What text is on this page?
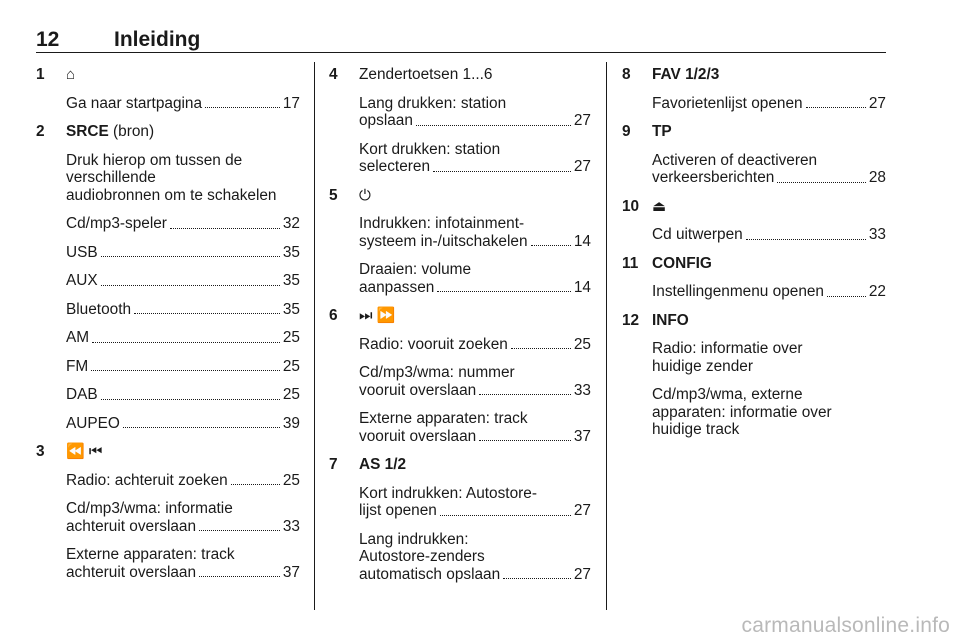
12	Inleiding
1	⌂
Ga naar startpagina	17
2	SRCE (bron)
Druk hierop om tussen de
verschillende
audiobronnen om te schakelen
Cd/mp3-speler	32
USB	35
AUX	35
Bluetooth	35
AM	25
FM	25
DAB	25
AUPEO	39
3	⏪ ⏮
Radio: achteruit zoeken	25
Cd/mp3/wma: informatie
achteruit overslaan	33
Externe apparaten: track
achteruit overslaan	37
4	Zendertoetsen 1...6
Lang drukken: station
opslaan	27
Kort drukken: station
selecteren	27
5	⏻
Indrukken: infotainment-
systeem in-/uitschakelen	14
Draaien: volume
aanpassen	14
6	⏭ ⏩
Radio: vooruit zoeken	25
Cd/mp3/wma: nummer
vooruit overslaan	33
Externe apparaten: track
vooruit overslaan	37
7	AS 1/2
Kort indrukken: Autostore-
lijst openen	27
Lang indrukken:
Autostore-zenders
automatisch opslaan	27
8	FAV 1/2/3
Favorietenlijst openen	27
9	TP
Activeren of deactiveren
verkeersberichten	28
10 ⏏
Cd uitwerpen	33
11 CONFIG
Instellingenmenu openen	22
12 INFO
Radio: informatie over
huidige zender
Cd/mp3/wma, externe
apparaten: informatie over
huidige track
carmanualsonline.info
